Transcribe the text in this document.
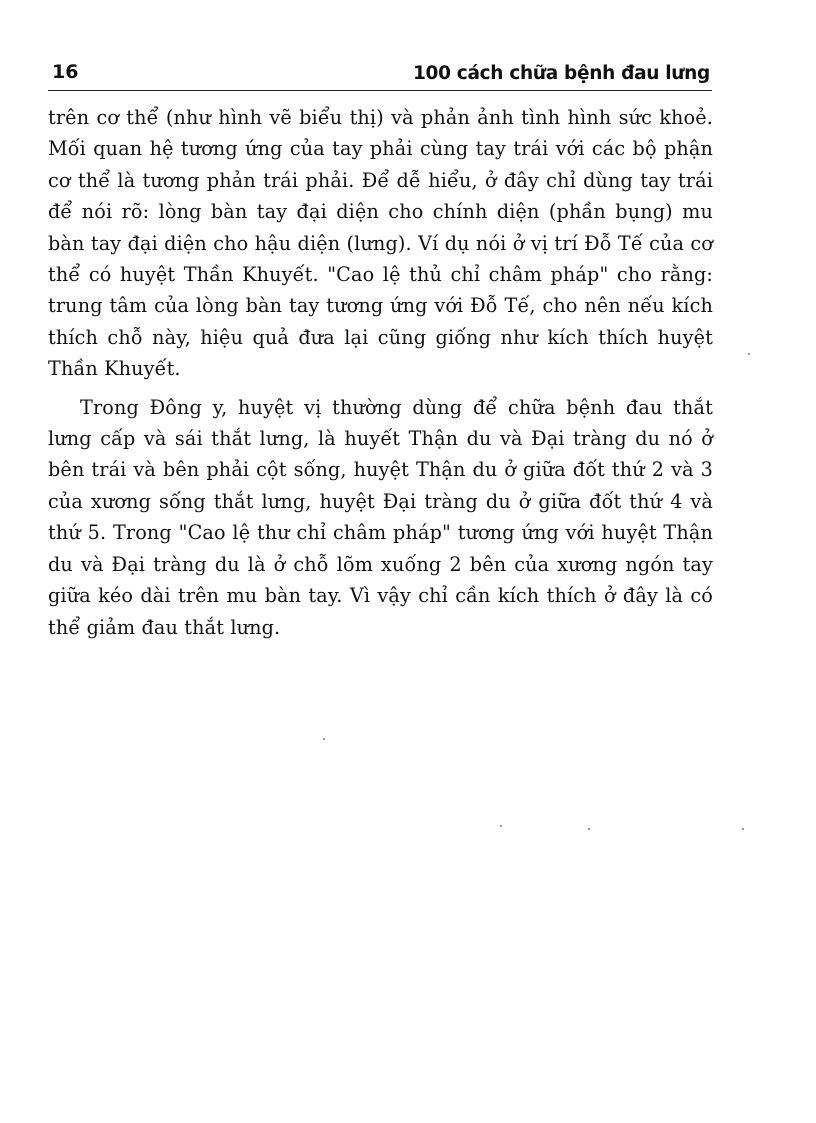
16	100 cách chữa bệnh đau lưng

trên cơ thể (như hình vẽ biểu thị) và phản ảnh tình hình sức khoẻ. Mối quan hệ tương ứng của tay phải cùng tay trái với các bộ phận cơ thể là tương phản trái phải. Để dễ hiểu, ở đây chỉ dùng tay trái để nói rõ: lòng bàn tay đại diện cho chính diện (phần bụng) mu bàn tay đại diện cho hậu diện (lưng). Ví dụ nói ở vị trí Đỗ Tế của cơ thể có huyệt Thần Khuyết. "Cao lệ thủ chỉ châm pháp" cho rằng: trung tâm của lòng bàn tay tương ứng với Đỗ Tế, cho nên nếu kích thích chỗ này, hiệu quả đưa lại cũng giống như kích thích huyệt Thần Khuyết.

Trong Đông y, huyệt vị thường dùng để chữa bệnh đau thắt lưng cấp và sái thắt lưng, là huyết Thận du và Đại tràng du nó ở bên trái và bên phải cột sống, huyệt Thận du ở giữa đốt thứ 2 và 3 của xương sống thắt lưng, huyệt Đại tràng du ở giữa đốt thứ 4 và thứ 5. Trong "Cao lệ thư chỉ châm pháp" tương ứng với huyệt Thận du và Đại tràng du là ở chỗ lõm xuống 2 bên của xương ngón tay giữa kéo dài trên mu bàn tay. Vì vậy chỉ cần kích thích ở đây là có thể giảm đau thắt lưng.
